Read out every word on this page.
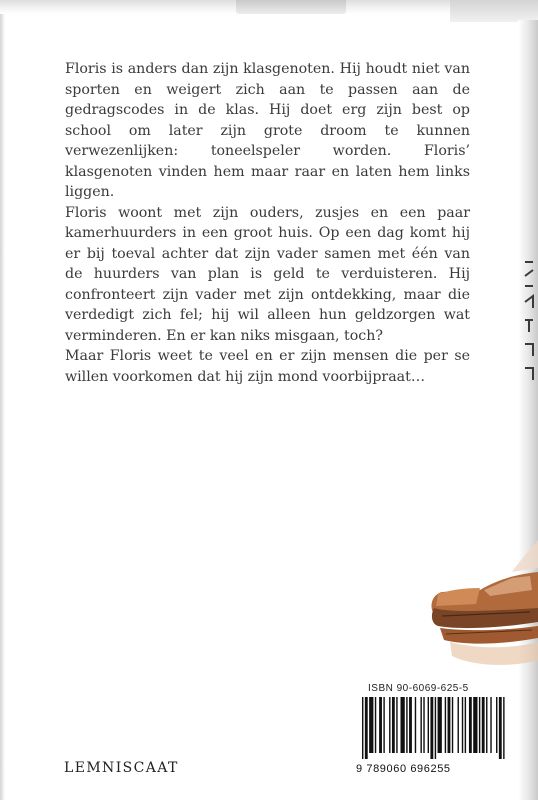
Floris is anders dan zijn klasgenoten. Hij houdt niet van sporten en weigert zich aan te passen aan de gedragscodes in de klas. Hij doet erg zijn best op school om later zijn grote droom te kunnen verwezenlijken: toneelspeler worden. Floris’ klasgenoten vinden hem maar raar en laten hem links liggen.

Floris woont met zijn ouders, zusjes en een paar kamerhuurders in een groot huis. Op een dag komt hij er bij toeval achter dat zijn vader samen met één van de huurders van plan is geld te verduisteren. Hij confronteert zijn vader met zijn ontdekking, maar die verdedigt zich fel; hij wil alleen hun geldzorgen wat verminderen. En er kan niks misgaan, toch?

Maar Floris weet te veel en er zijn mensen die per se willen voorkomen dat hij zijn mond voorbijpraat…

ISBN 90-6069-625-5
9 789060 696255
LEMNISCAAT
